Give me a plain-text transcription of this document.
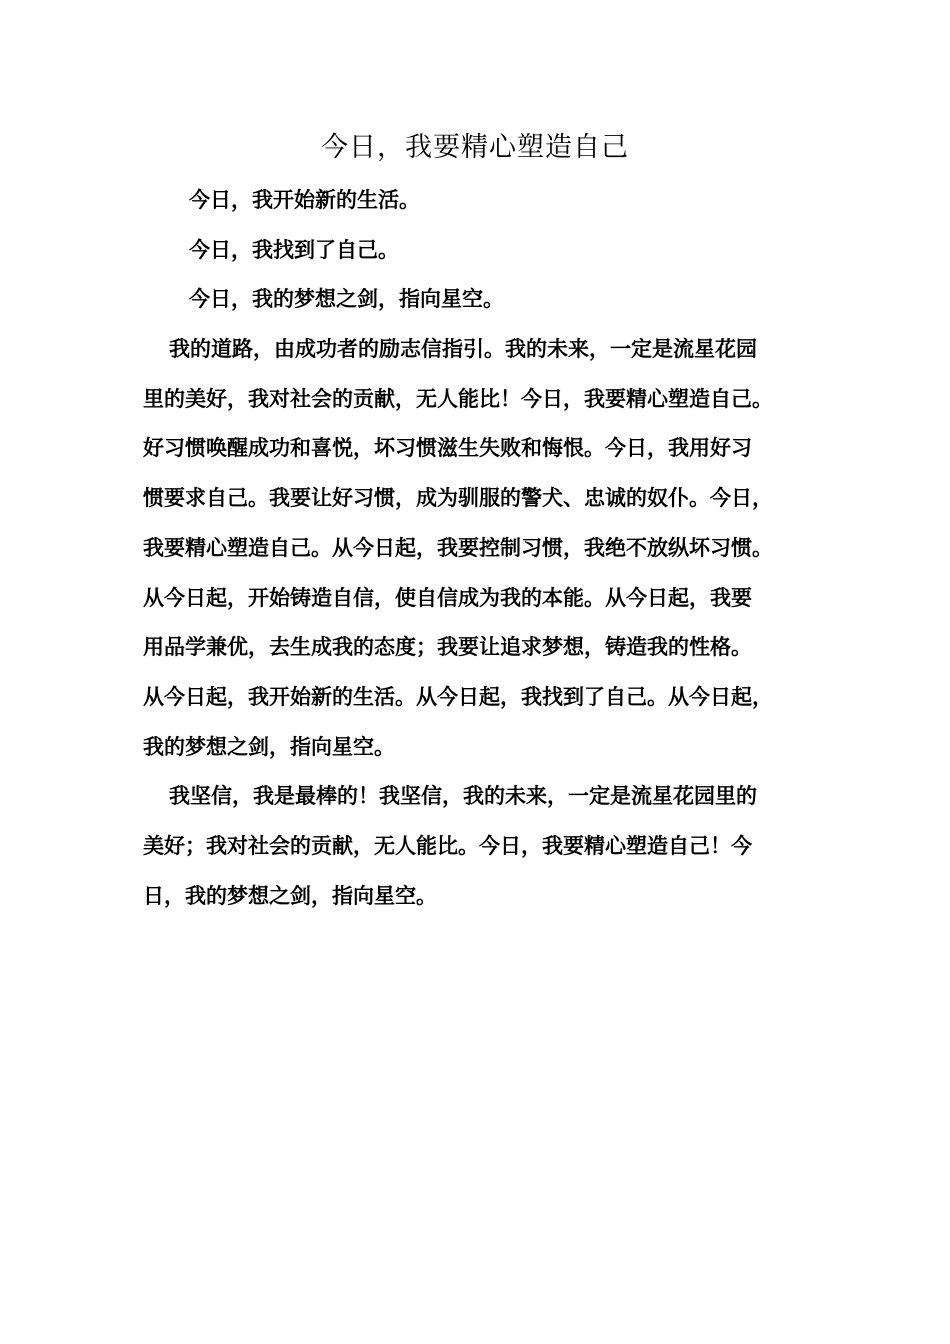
今日，我要精心塑造自己
今日，我开始新的生活。
今日，我找到了自己。
今日，我的梦想之剑，指向星空。
我的道路，由成功者的励志信指引。我的未来，一定是流星花园
里的美好，我对社会的贡献，无人能比！今日，我要精心塑造自己。
好习惯唤醒成功和喜悦，坏习惯滋生失败和悔恨。今日，我用好习
惯要求自己。我要让好习惯，成为驯服的警犬、忠诚的奴仆。今日，
我要精心塑造自己。从今日起，我要控制习惯，我绝不放纵坏习惯。
从今日起，开始铸造自信，使自信成为我的本能。从今日起，我要
用品学兼优，去生成我的态度；我要让追求梦想，铸造我的性格。
从今日起，我开始新的生活。从今日起，我找到了自己。从今日起，
我的梦想之剑，指向星空。
我坚信，我是最棒的！我坚信，我的未来，一定是流星花园里的
美好；我对社会的贡献，无人能比。今日，我要精心塑造自己！今
日，我的梦想之剑，指向星空。
